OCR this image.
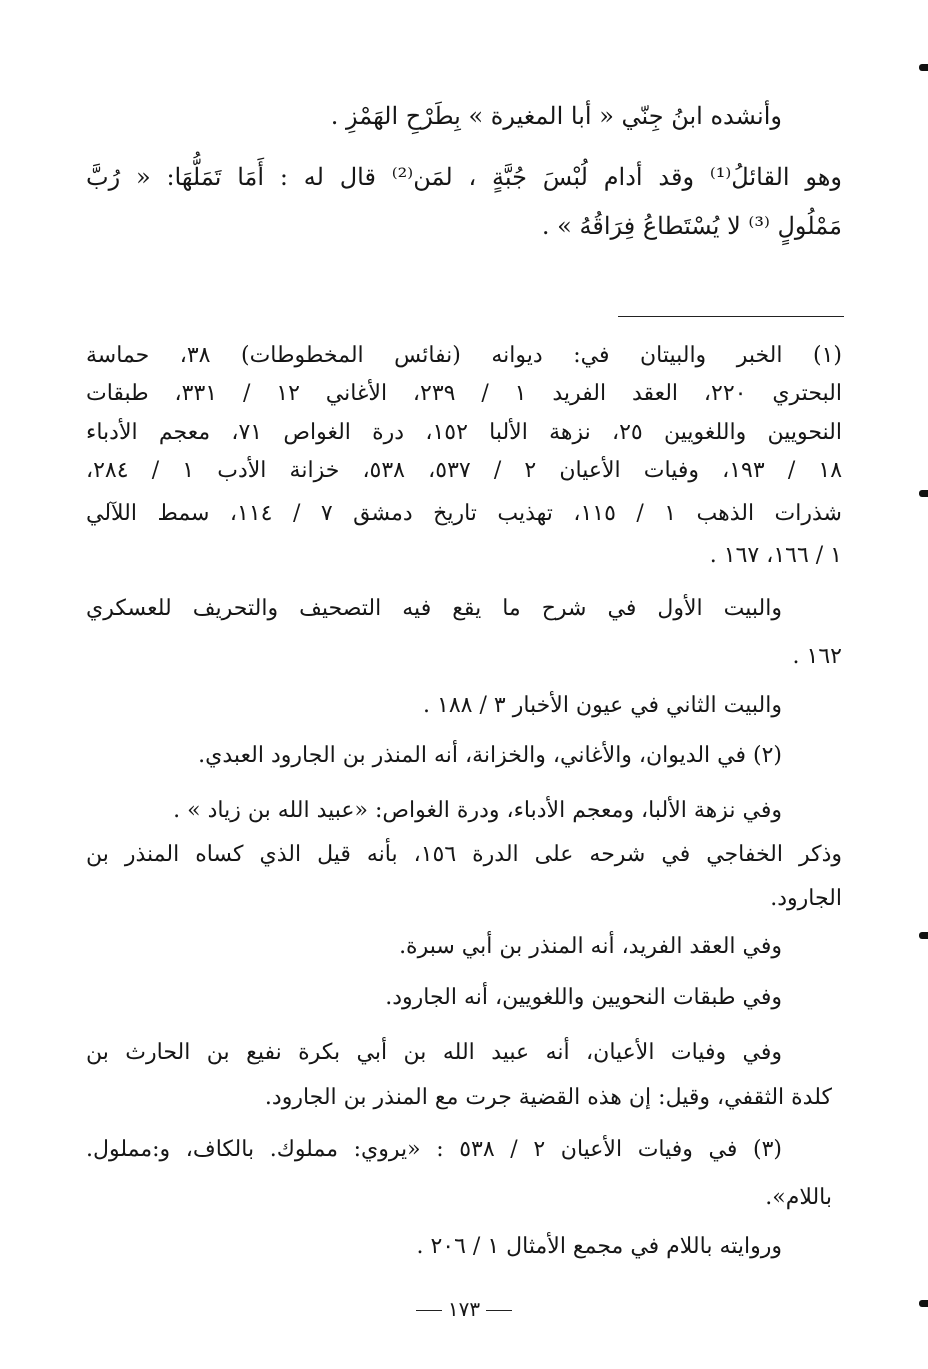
وأنشده ابنُ جِنّي « أبا المغيرة » بِطَرْحِ الهَمْزِ .

وهو القائلُ⁽¹⁾ وقد أدام لُبْسَ جُبَّةٍ ، لمَن⁽²⁾ قال له : أَمَا تَمَلُّهَا: « رُبَّ

مَمْلُولٍ ⁽³⁾ لا يُسْتَطاعُ فِرَاقُهُ » .

(١) الخبر والبيتان في: ديوانه (نفائس المخطوطات) ٣٨، حماسة

البحتري ٢٢٠، العقد الفريد ١ / ٢٣٩، الأغاني ١٢ / ٣٣١، طبقات

النحويين واللغويين ٢٥، نزهة الألبا ١٥٢، درة الغواص ٧١، معجم الأدباء

١٨ / ١٩٣، وفيات الأعيان ٢ / ٥٣٧، ٥٣٨، خزانة الأدب ١ / ٢٨٤،

شذرات الذهب ١ / ١١٥، تهذيب تاريخ دمشق ٧ / ١١٤، سمط اللآلي

١ / ١٦٦، ١٦٧ .

والبيت الأول في شرح ما يقع فيه التصحيف والتحريف للعسكري

١٦٢ .

والبيت الثاني في عيون الأخبار ٣ / ١٨٨ .

(٢) في الديوان، والأغاني، والخزانة، أنه المنذر بن الجارود العبدي.

وفي نزهة الألبا، ومعجم الأدباء، ودرة الغواص: «عبيد الله بن زياد » .

وذكر الخفاجي في شرحه على الدرة ١٥٦، بأنه قيل الذي كساه المنذر بن

الجارود.

وفي العقد الفريد، أنه المنذر بن أبي سبرة.

وفي طبقات النحويين واللغويين، أنه الجارود.

وفي وفيات الأعيان، أنه عبيد الله بن أبي بكرة نفيع بن الحارث بن

كلدة الثقفي، وقيل: إن هذه القضية جرت مع المنذر بن الجارود.

(٣) في وفيات الأعيان ٢ / ٥٣٨ : «يروي: مملوك. بالكاف، و:مملول.

باللام».

وروايته باللام في مجمع الأمثال ١ / ٢٠٦ .

١٧٣
